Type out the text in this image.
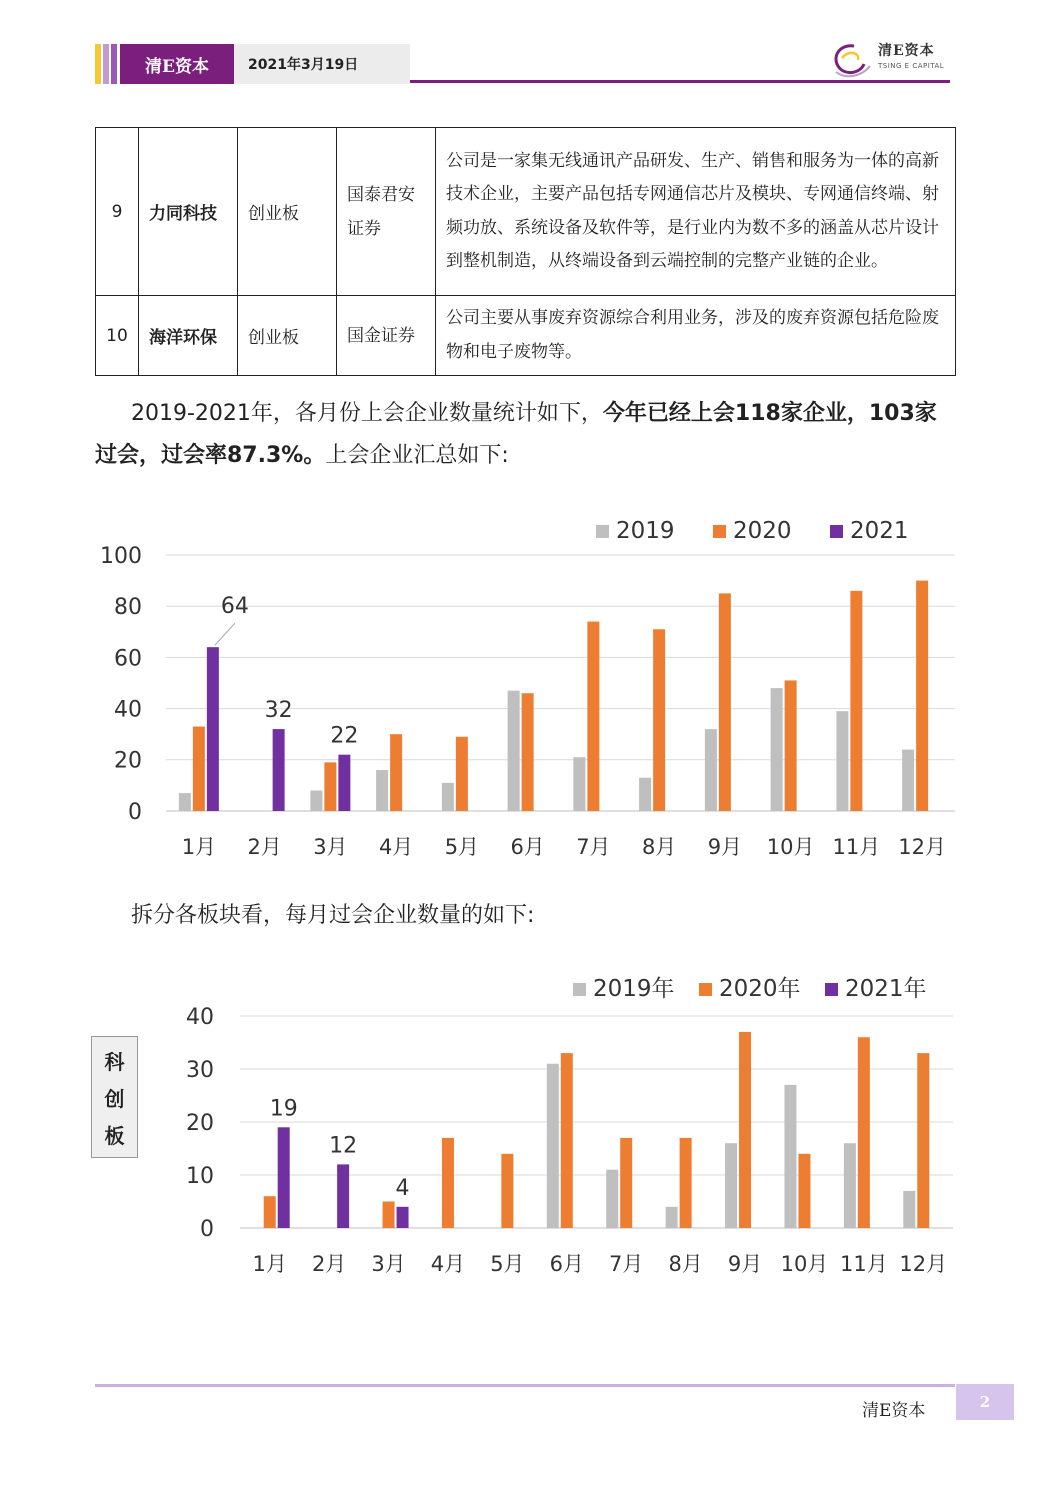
清E资本	2021年3月19日
清E资本
TSING E CAPITAL
9	力同科技	创业板	国泰君安证券	公司是一家集无线通讯产品研发、生产、销售和服务为一体的高新技术企业，主要产品包括专网通信芯片及模块、专网通信终端、射频功放、系统设备及软件等，是行业内为数不多的涵盖从芯片设计到整机制造，从终端设备到云端控制的完整产业链的企业。
10	海洋环保	创业板	国金证券	公司主要从事废弃资源综合利用业务，涉及的废弃资源包括危险废物和电子废物等。
2019-2021年，各月份上会企业数量统计如下，今年已经上会118家企业，103家过会，过会率87.3%。上会企业汇总如下:
0
20
40
60
80
100
1月 2月 3月 4月 5月 6月 7月 8月 9月 10月 11月 12月
64
32
22
2019	2020	2021
拆分各板块看，每月过会企业数量的如下:
科
创
板
0
10
20
30
40
1月 2月 3月 4月 5月 6月 7月 8月 9月 10月 11月 12月
19
12
4
2019年 2020年 2021年
清E资本	2
